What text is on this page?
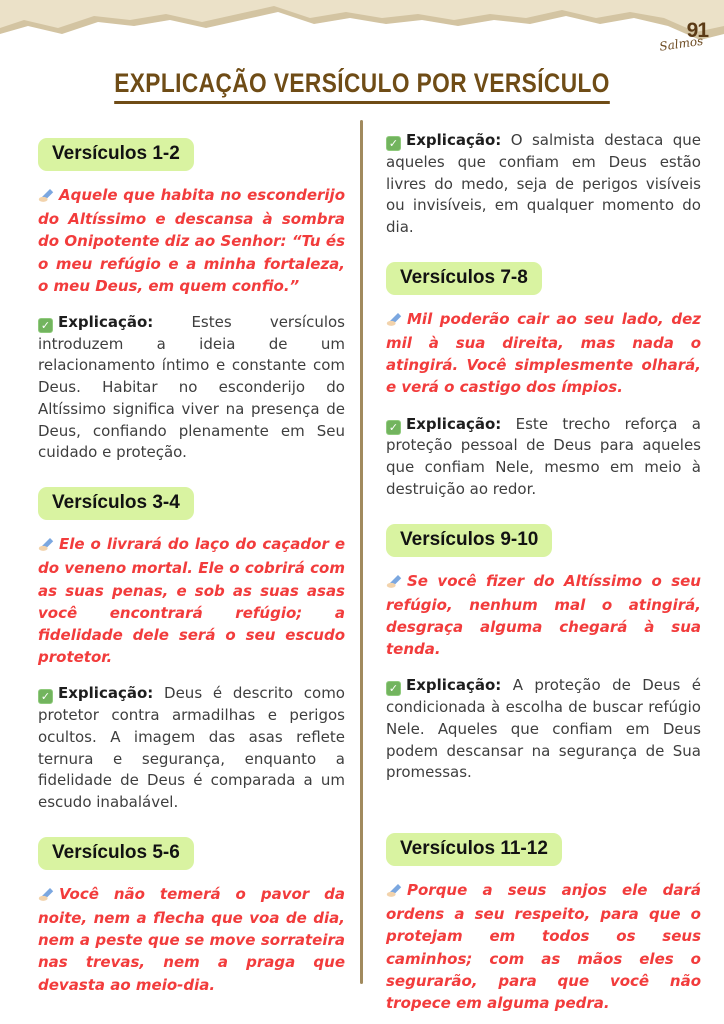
91
Salmos
EXPLICAÇÃO VERSÍCULO POR VERSÍCULO
Versículos 1-2

Aquele que habita no esconderijo do Altíssimo e descansa à sombra do Onipotente diz ao Senhor: “Tu és o meu refúgio e a minha fortaleza, o meu Deus, em quem confio.”

✓ Explicação:	Estes versículos introduzem a ideia de um relacionamento íntimo e constante com Deus. Habitar no esconderijo do Altíssimo significa viver na presença de Deus, confiando plenamente em Seu cuidado e proteção.

Versículos 3-4

Ele o livrará do laço do caçador e do veneno mortal. Ele o cobrirá com as suas penas, e sob as suas asas você encontrará refúgio; a fidelidade dele será o seu escudo protetor.

✓ Explicação: Deus é descrito como protetor contra armadilhas e perigos ocultos. A imagem das asas reflete ternura e segurança, enquanto a fidelidade de Deus é comparada a um escudo inabalável.

Versículos 5-6

Você não temerá o pavor da noite, nem a flecha que voa de dia, nem a peste que se move sorrateira nas trevas, nem a praga que devasta ao meio-dia.

✓ Explicação: O salmista destaca que aqueles que confiam em Deus estão livres do medo, seja de perigos visíveis ou invisíveis, em qualquer momento do dia.

Versículos 7-8

Mil poderão cair ao seu lado, dez mil à sua direita, mas nada o atingirá. Você simplesmente olhará, e verá o castigo dos ímpios.

✓ Explicação: Este trecho reforça a proteção pessoal de Deus para aqueles que confiam Nele, mesmo em meio à destruição ao redor.

Versículos 9-10

Se você fizer do Altíssimo o seu refúgio, nenhum mal o atingirá, desgraça alguma chegará à sua tenda.

✓ Explicação: A proteção de Deus é condicionada à escolha de buscar refúgio Nele. Aqueles que confiam em Deus podem descansar na segurança de Sua promessas.

Versículos 11-12

Porque a seus anjos ele dará ordens a seu respeito, para que o protejam em todos os seus caminhos; com as mãos eles o segurarão, para que você não tropece em alguma pedra.
